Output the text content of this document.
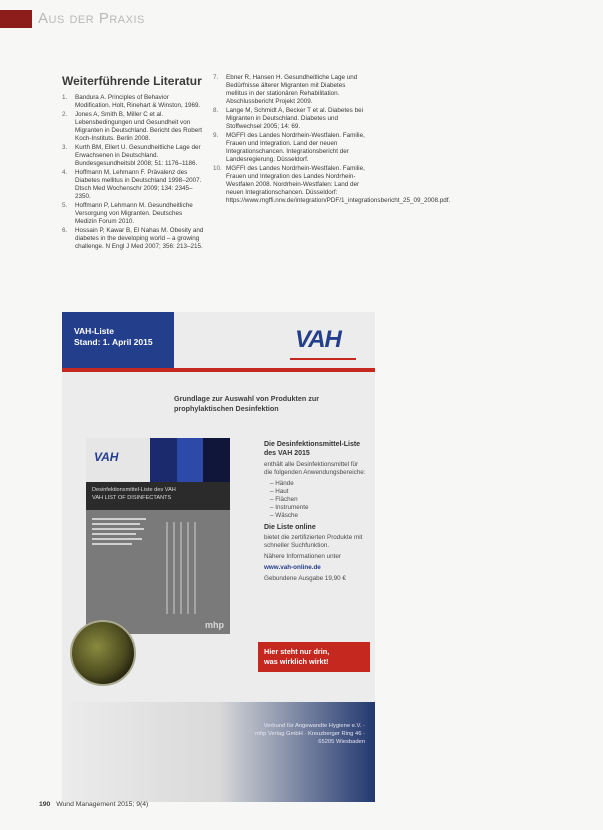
Aus der Praxis
Weiterführende Literatur
1. Bandura A. Principles of Behavior Modification. Holt, Rinehart & Winston, 1969.
2. Jones A, Smith B, Miller C et al. Lebensbedingungen und Gesundheit von Migranten in Deutschland. Bericht des Robert Koch-Instituts. Berlin 2008.
3. Kurth BM, Ellert U. Gesundheitliche Lage der Erwachsenen in Deutschland. Bundesgesundheitsbl 2008; 51: 1176–1186.
4. Hoffmann M, Lehmann F. Prävalenz des Diabetes mellitus in Deutschland 1998–2007. Dtsch Med Wochenschr 2009; 134: 2345–2350.
5. Hoffmann P, Lehmann M. Gesundheitliche Versorgung von Migranten. Deutsches Medizin Forum 2010.
6. Hossain P, Kawar B, El Nahas M. Obesity and diabetes in the developing world – a growing challenge. N Engl J Med 2007; 356: 213–215.
7. Ebner R, Hansen H. Gesundheitliche Lage und Bedürfnisse älterer Migranten mit Diabetes mellitus in der stationären Rehabilitation. Abschlussbericht Projekt 2009.
8. Lange M, Schmidt A, Becker T et al. Diabetes bei Migranten in Deutschland. Diabetes und Stoffwechsel 2005; 14: 69.
9. MGFFI des Landes Nordrhein-Westfalen. Familie, Frauen und Integration. Land der neuen Integrationschancen. Integrationsbericht der Landesregierung. Düsseldorf.
10. MGFFI des Landes Nordrhein-Westfalen. Familie, Frauen und Integration des Landes Nordrhein-Westfalen 2008. Nordrhein-Westfalen: Land der neuen Integrationschancen. Düsseldorf: https://www.mgffi.nrw.de/integration/PDF/1_integrationsbericht_25_09_2008.pdf.
VAH-Liste
Stand: 1. April 2015	VAH
Grundlage zur Auswahl von Produkten zur prophylaktischen Desinfektion
VAH
Desinfektionsmittel-Liste des VAH
VAH LIST OF DISINFECTANTS
mhp
Die Desinfektionsmittel-Liste des VAH 2015
enthält alle Desinfektionsmittel für die folgenden Anwendungsbereiche:
– Hände
– Haut
– Flächen
– Instrumente
– Wäsche
Die Liste online
bietet die zertifizierten Produkte mit schneller Suchfunktion.
Nähere Informationen unter
www.vah-online.de
Gebundene Ausgabe 19,90 €
Hier steht nur drin,
was wirklich wirkt!
Verbund für Angewandte Hygiene e.V. · mhp Verlag GmbH · Kreuzberger Ring 46 · 65205 Wiesbaden
190 Wund Management 2015; 9(4)
